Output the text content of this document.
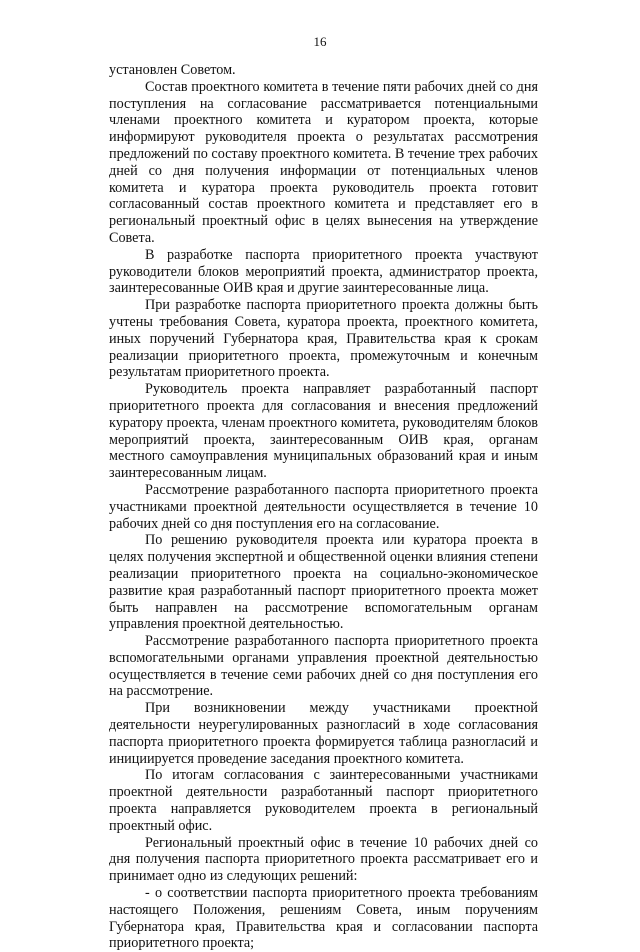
16

установлен Советом.

Состав проектного комитета в течение пяти рабочих дней со дня поступления на согласование рассматривается потенциальными членами проектного комитета и куратором проекта, которые информируют руководителя проекта о результатах рассмотрения предложений по составу проектного комитета. В течение трех рабочих дней со дня получения информации от потенциальных членов комитета и куратора проекта руководитель проекта готовит согласованный состав проектного комитета и представляет его в региональный проектный офис в целях вынесения на утверждение Совета.

В разработке паспорта приоритетного проекта участвуют руководители блоков мероприятий проекта, администратор проекта, заинтересованные ОИВ края и другие заинтересованные лица.

При разработке паспорта приоритетного проекта должны быть учтены требования Совета, куратора проекта, проектного комитета, иных поручений Губернатора края, Правительства края к срокам реализации приоритетного проекта, промежуточным и конечным результатам приоритетного проекта.

Руководитель проекта направляет разработанный паспорт приоритетного проекта для согласования и внесения предложений куратору проекта, членам проектного комитета, руководителям блоков мероприятий проекта, заинтересованным ОИВ края, органам местного самоуправления муниципальных образований края и иным заинтересованным лицам.

Рассмотрение разработанного паспорта приоритетного проекта участниками проектной деятельности осуществляется в течение 10 рабочих дней со дня поступления его на согласование.

По решению руководителя проекта или куратора проекта в целях получения экспертной и общественной оценки влияния степени реализации приоритетного проекта на социально-экономическое развитие края разработанный паспорт приоритетного проекта может быть направлен на рассмотрение вспомогательным органам управления проектной деятельностью.

Рассмотрение разработанного паспорта приоритетного проекта вспомогательными органами управления проектной деятельностью осуществляется в течение семи рабочих дней со дня поступления его на рассмотрение.

При возникновении между участниками проектной деятельности неурегулированных разногласий в ходе согласования паспорта приоритетного проекта формируется таблица разногласий и инициируется проведение заседания проектного комитета.

По итогам согласования с заинтересованными участниками проектной деятельности разработанный паспорт приоритетного проекта направляется руководителем проекта в региональный проектный офис.

Региональный проектный офис в течение 10 рабочих дней со дня получения паспорта приоритетного проекта рассматривает его и принимает одно из следующих решений:

- о соответствии паспорта приоритетного проекта требованиям настоящего Положения, решениям Совета, иным поручениям Губернатора края, Правительства края и согласовании паспорта приоритетного проекта;
